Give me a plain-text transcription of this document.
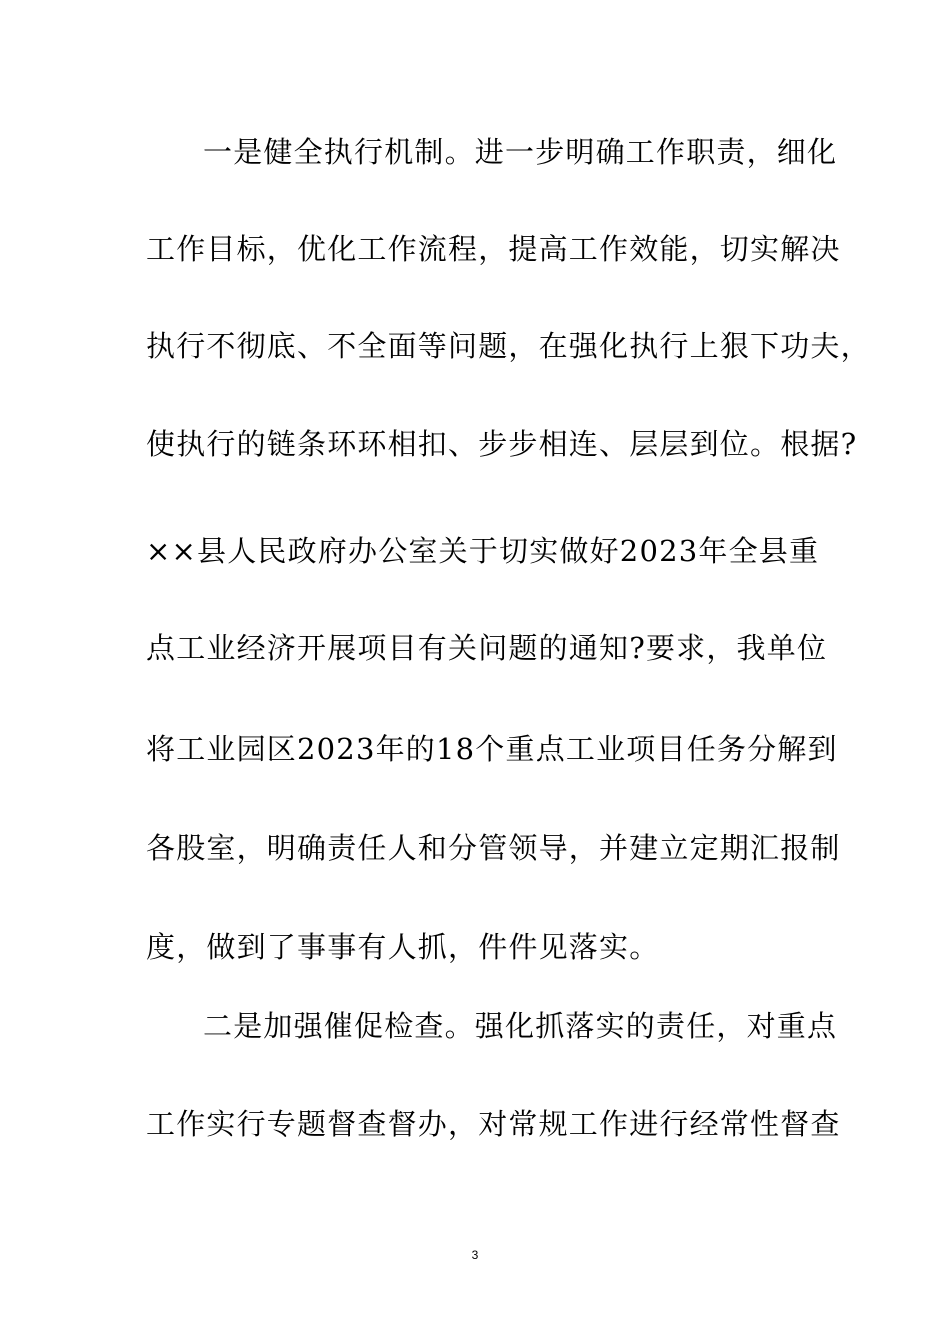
一是健全执行机制。进一步明确工作职责，细化
工作目标，优化工作流程，提高工作效能，切实解决
执行不彻底、不全面等问题，在强化执行上狠下功夫，
使执行的链条环环相扣、步步相连、层层到位。根据?
××县人民政府办公室关于切实做好2023年全县重
点工业经济开展项目有关问题的通知?要求，我单位
将工业园区2023年的18个重点工业项目任务分解到
各股室，明确责任人和分管领导，并建立定期汇报制
度，做到了事事有人抓，件件见落实。
二是加强催促检查。强化抓落实的责任，对重点
工作实行专题督查督办，对常规工作进行经常性督查
3
